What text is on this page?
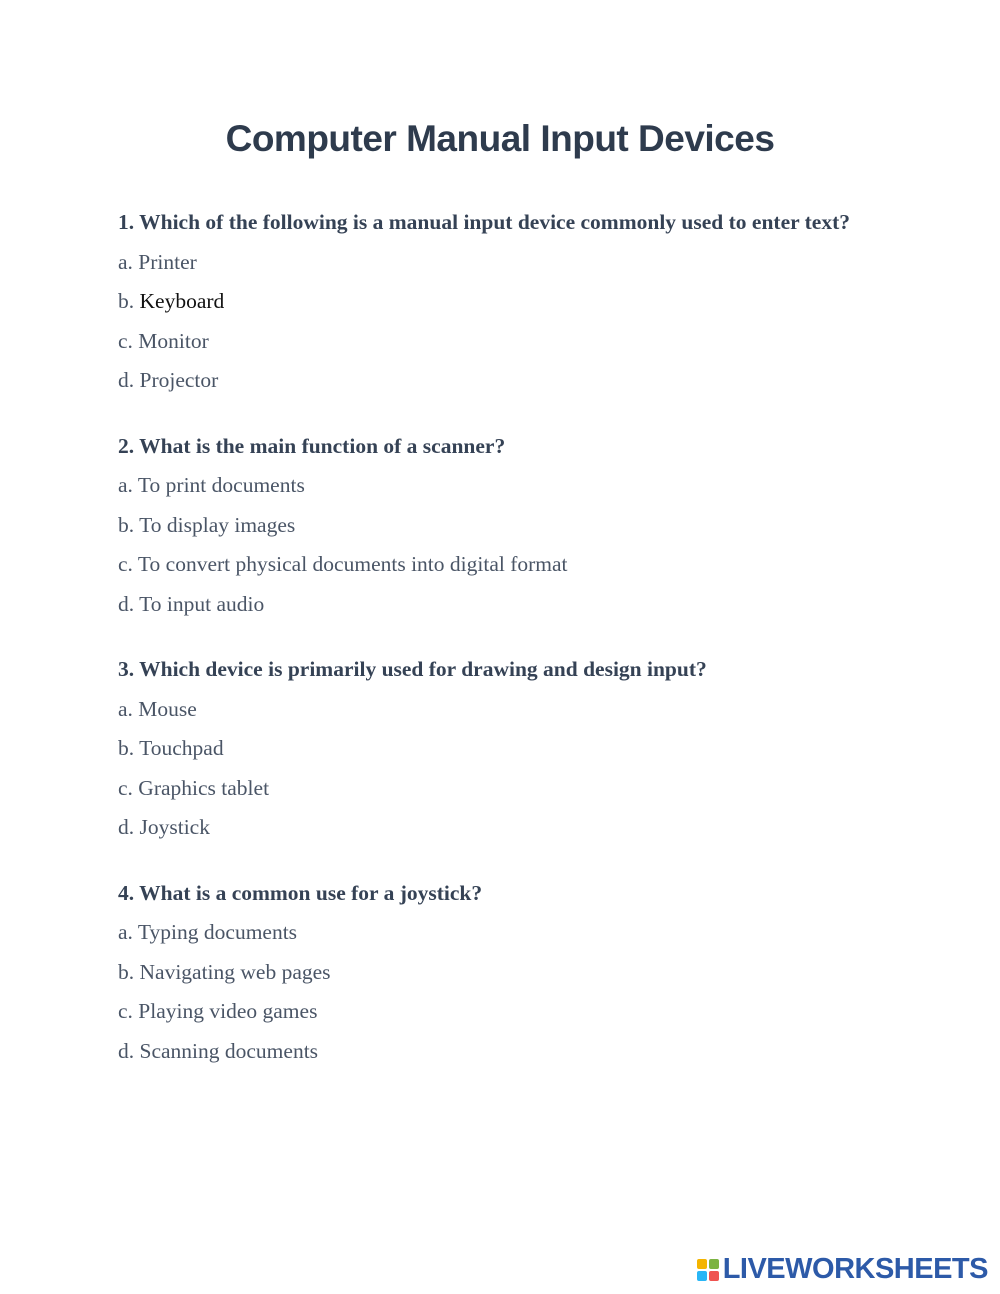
Computer Manual Input Devices

1. Which of the following is a manual input device commonly used to enter text?

a. Printer

b. Keyboard

c. Monitor

d. Projector

2. What is the main function of a scanner?

a. To print documents

b. To display images

c. To convert physical documents into digital format

d. To input audio

3. Which device is primarily used for drawing and design input?

a. Mouse

b. Touchpad

c. Graphics tablet

d. Joystick

4. What is a common use for a joystick?

a. Typing documents

b. Navigating web pages

c. Playing video games

d. Scanning documents

LIVEWORKSHEETS
